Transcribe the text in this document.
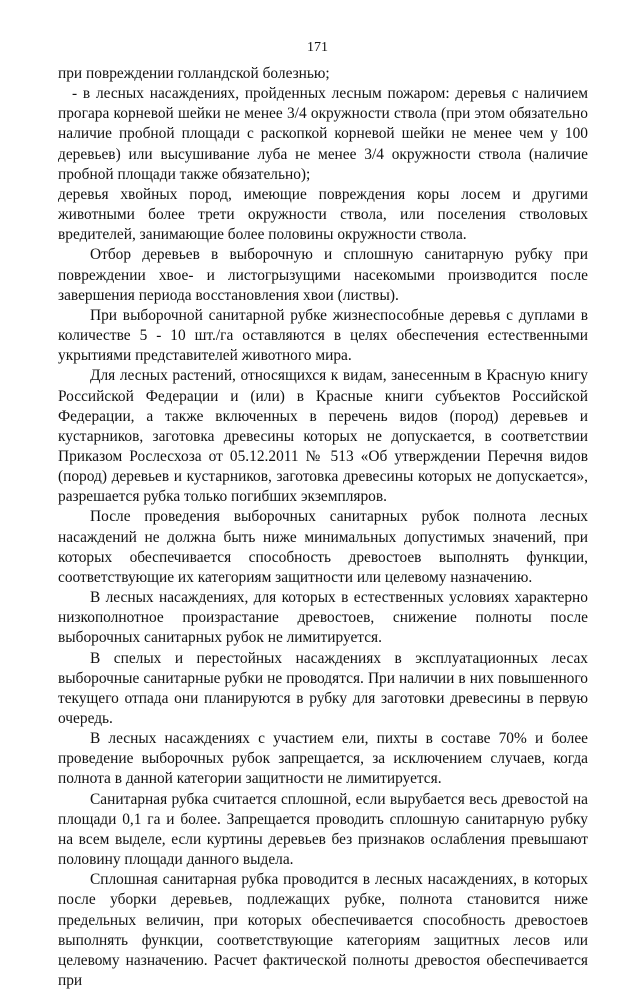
171

при повреждении голландской болезнью;

- в лесных насаждениях, пройденных лесным пожаром: деревья с наличием прогара корневой шейки не менее 3/4 окружности ствола (при этом обязательно наличие пробной площади с раскопкой корневой шейки не менее чем у 100 деревьев) или высушивание луба не менее 3/4 окружности ствола (наличие пробной площади также обязательно);

деревья хвойных пород, имеющие повреждения коры лосем и другими животными более трети окружности ствола, или поселения стволовых вредителей, занимающие более половины окружности ствола.

Отбор деревьев в выборочную и сплошную санитарную рубку при повреждении хвое- и листогрызущими насекомыми производится после завершения периода восстановления хвои (листвы).

При выборочной санитарной рубке жизнеспособные деревья с дуплами в количестве 5 - 10 шт./га оставляются в целях обеспечения естественными укрытиями представителей животного мира.

Для лесных растений, относящихся к видам, занесенным в Красную книгу Российской Федерации и (или) в Красные книги субъектов Российской Федерации, а также включенных в перечень видов (пород) деревьев и кустарников, заготовка древесины которых не допускается, в соответствии Приказом Рослесхоза от 05.12.2011 № 513 «Об утверждении Перечня видов (пород) деревьев и кустарников, заготовка древесины которых не допускается», разрешается рубка только погибших экземпляров.

После проведения выборочных санитарных рубок полнота лесных насаждений не должна быть ниже минимальных допустимых значений, при которых обеспечивается способность древостоев выполнять функции, соответствующие их категориям защитности или целевому назначению.

В лесных насаждениях, для которых в естественных условиях характерно низкополнотное произрастание древостоев, снижение полноты после выборочных санитарных рубок не лимитируется.

В спелых и перестойных насаждениях в эксплуатационных лесах выборочные санитарные рубки не проводятся. При наличии в них повышенного текущего отпада они планируются в рубку для заготовки древесины в первую очередь.

В лесных насаждениях с участием ели, пихты в составе 70% и более проведение выборочных рубок запрещается, за исключением случаев, когда полнота в данной категории защитности не лимитируется.

Санитарная рубка считается сплошной, если вырубается весь древостой на площади 0,1 га и более. Запрещается проводить сплошную санитарную рубку на всем выделе, если куртины деревьев без признаков ослабления превышают половину площади данного выдела.

Сплошная санитарная рубка проводится в лесных насаждениях, в которых после уборки деревьев, подлежащих рубке, полнота становится ниже предельных величин, при которых обеспечивается способность древостоев выполнять функции, соответствующие категориям защитных лесов или целевому назначению. Расчет фактической полноты древостоя обеспечивается при
